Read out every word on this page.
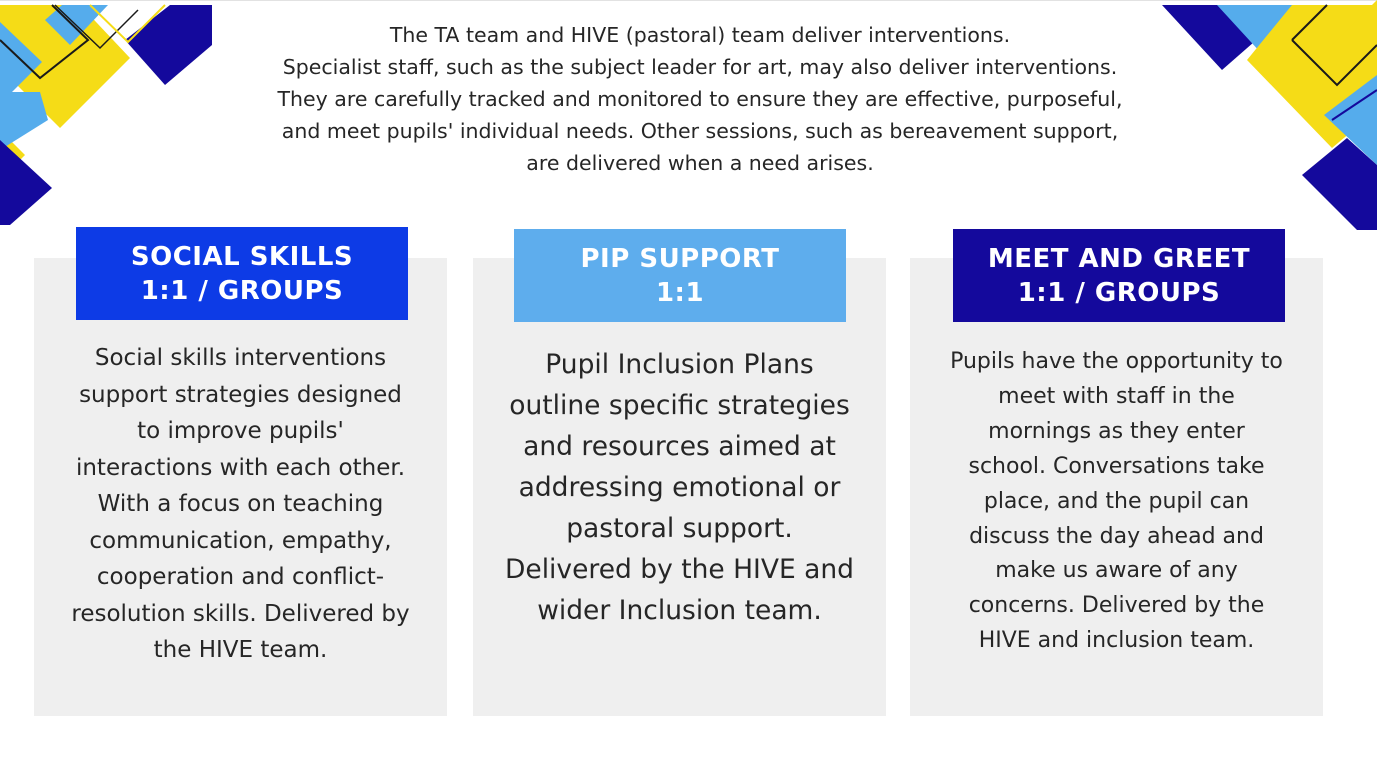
The TA team and HIVE (pastoral) team deliver interventions.
Specialist staff, such as the subject leader for art, may also deliver interventions.
They are carefully tracked and monitored to ensure they are effective, purposeful,
and meet pupils' individual needs. Other sessions, such as bereavement support,
are delivered when a need arises.
SOCIAL SKILLS
1:1 / GROUPS
PIP SUPPORT
1:1
MEET AND GREET
1:1 / GROUPS
Social skills interventions
support strategies designed
to improve pupils'
interactions with each other.
With a focus on teaching
communication, empathy,
cooperation and conflict-
resolution skills. Delivered by
the HIVE team.
Pupil Inclusion Plans
outline specific strategies
and resources aimed at
addressing emotional or
pastoral support.
Delivered by the HIVE and
wider Inclusion team.
Pupils have the opportunity to
meet with staff in the
mornings as they enter
school. Conversations take
place, and the pupil can
discuss the day ahead and
make us aware of any
concerns. Delivered by the
HIVE and inclusion team.
